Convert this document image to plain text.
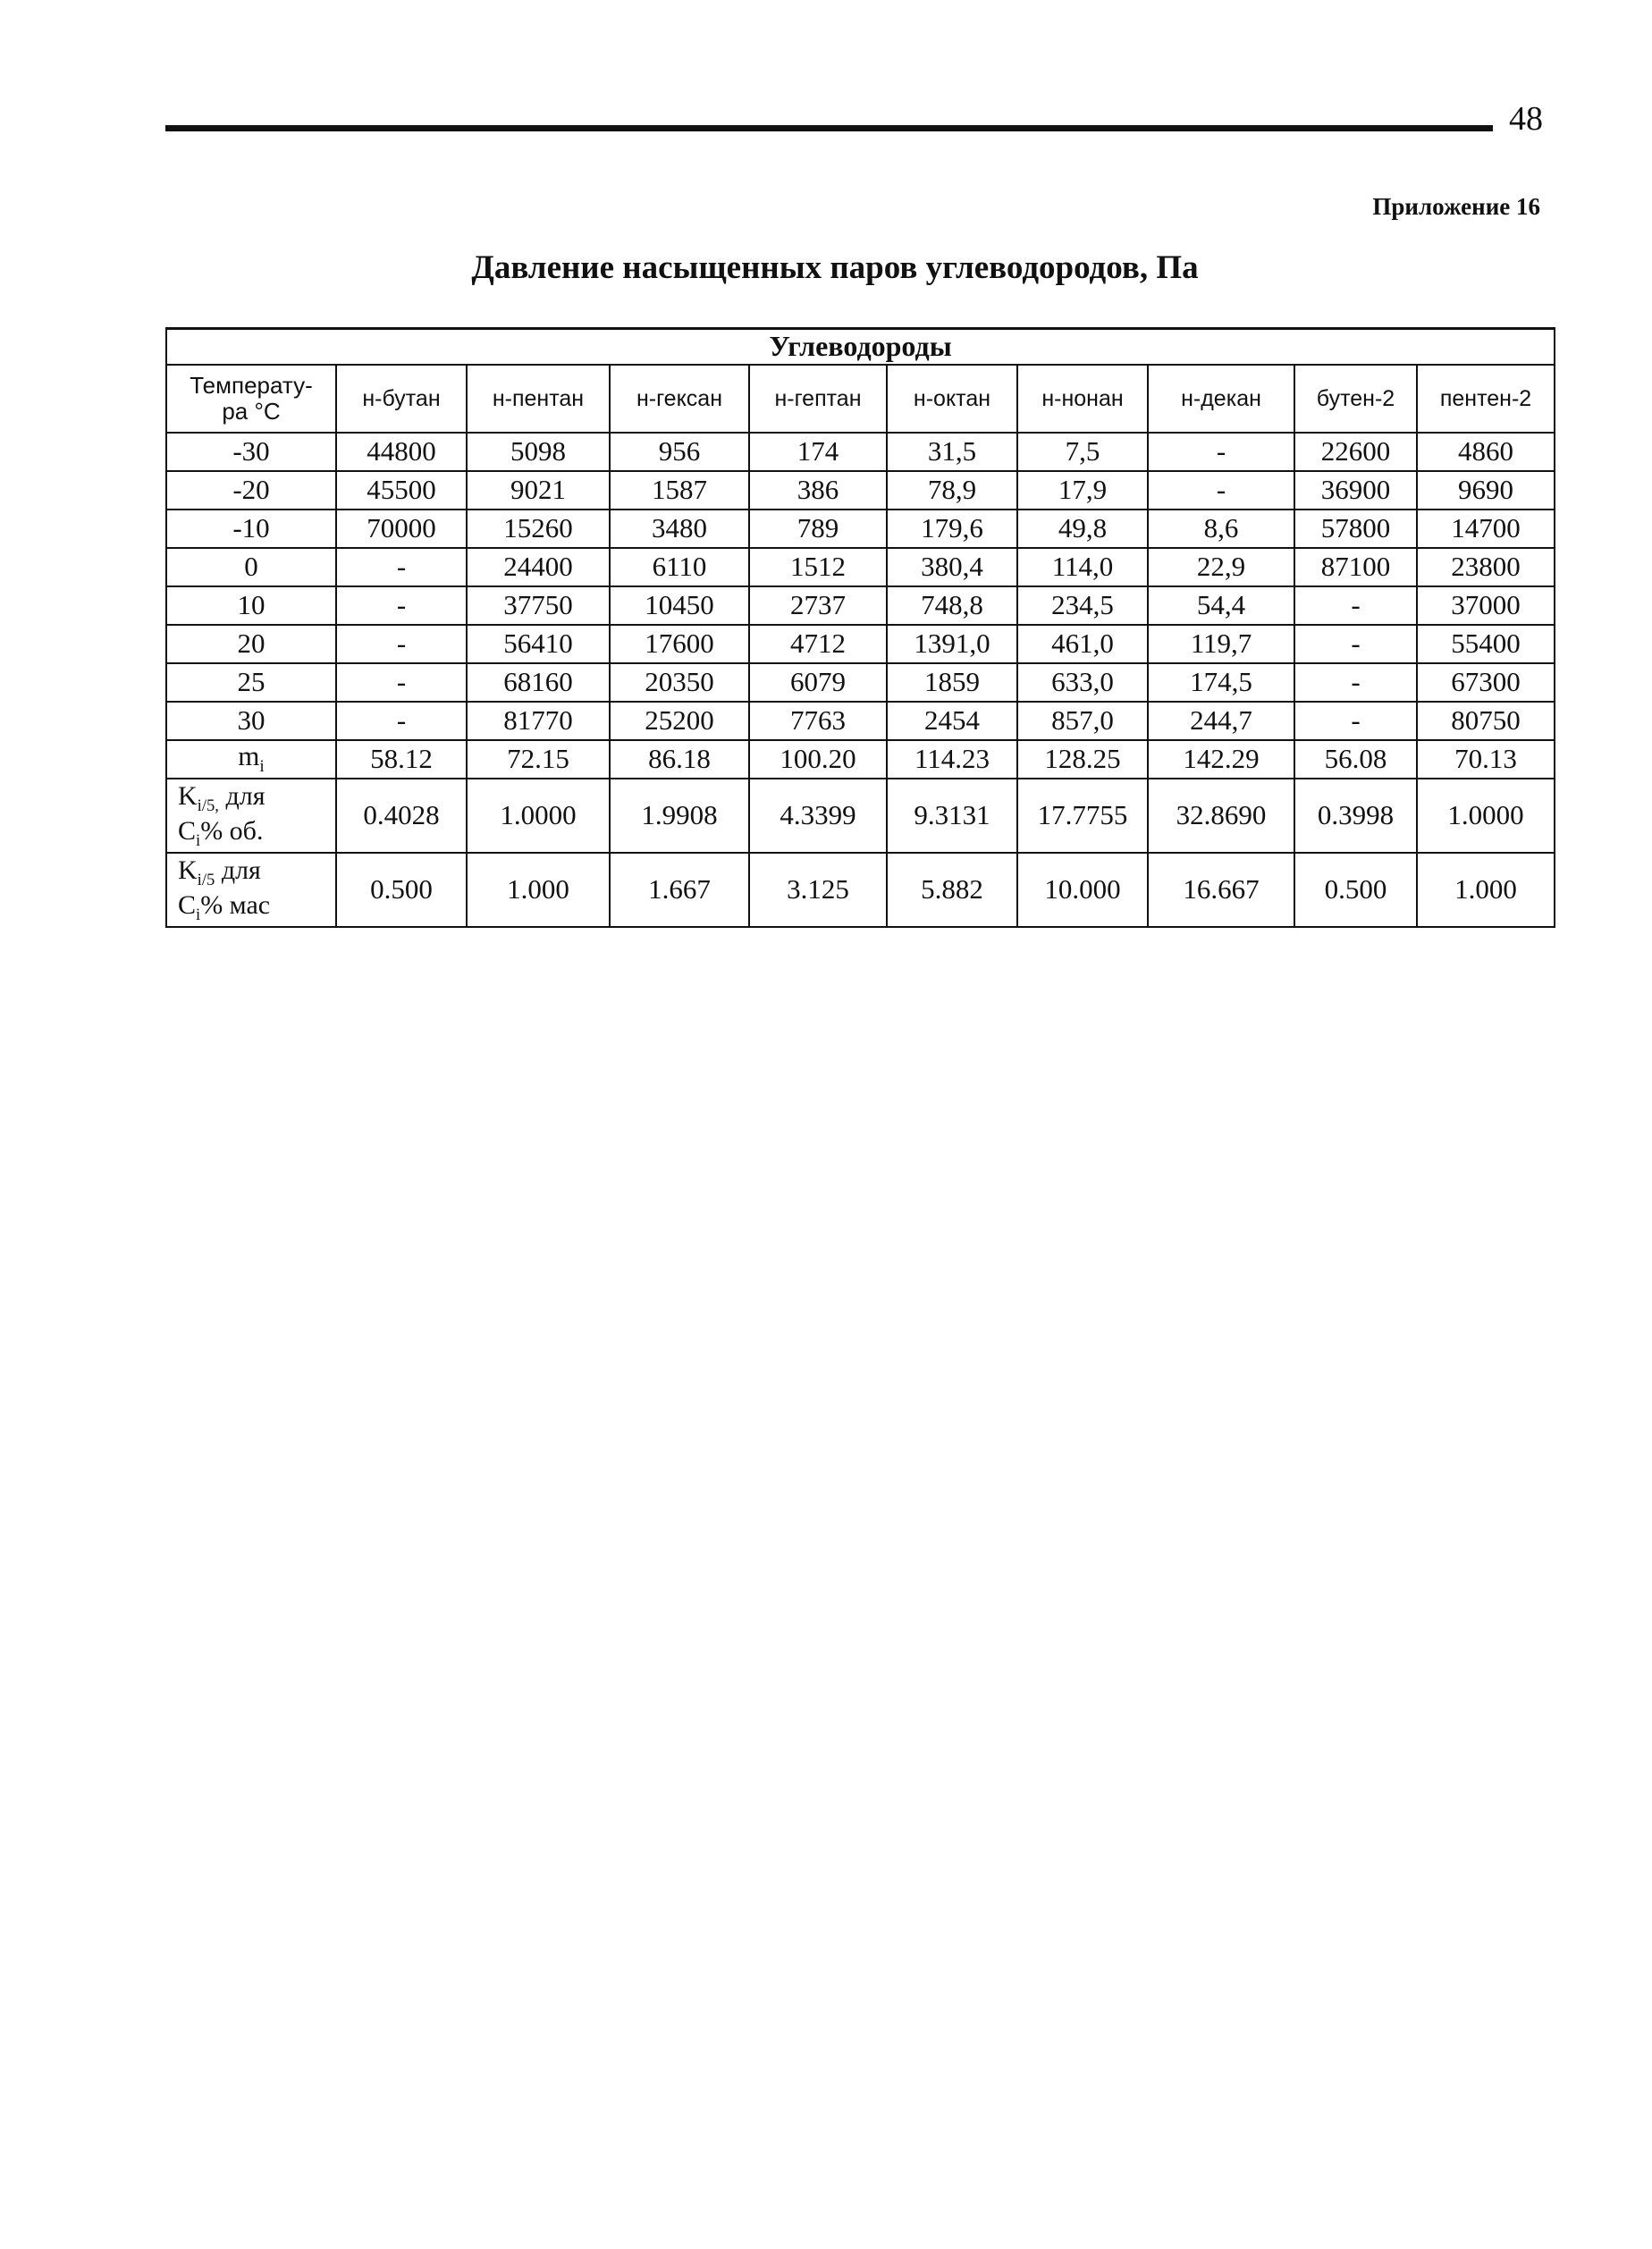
48
Приложение 16
Давление насыщенных паров углеводородов, Па
Углеводороды									
Температу-
ра °С	н-бутан	н-пентан	н-гексан	н-гептан	н-октан	н-нонан	н-декан	бутен-2	пентен-2
-30	44800	5098	956	174	31,5	7,5	-	22600	4860
-20	45500	9021	1587	386	78,9	17,9	-	36900	9690
-10	70000	15260	3480	789	179,6	49,8	8,6	57800	14700
0	-	24400	6110	1512	380,4	114,0	22,9	87100	23800
10	-	37750	10450	2737	748,8	234,5	54,4	-	37000
20	-	56410	17600	4712	1391,0	461,0	119,7	-	55400
25	-	68160	20350	6079	1859	633,0	174,5	-	67300
30	-	81770	25200	7763	2454	857,0	244,7	-	80750
$m_i$	58.12	72.15	86.18	100.20	114.23	128.25	142.29	56.08	70.13
$K_{i/5,}$ для
$C_i\%$ об.	0.4028	1.0000	1.9908	4.3399	9.3131	17.7755	32.8690	0.3998	1.0000
$K_{i/5}$ для
$C_i\%$ мас	0.500	1.000	1.667	3.125	5.882	10.000	16.667	0.500	1.000
